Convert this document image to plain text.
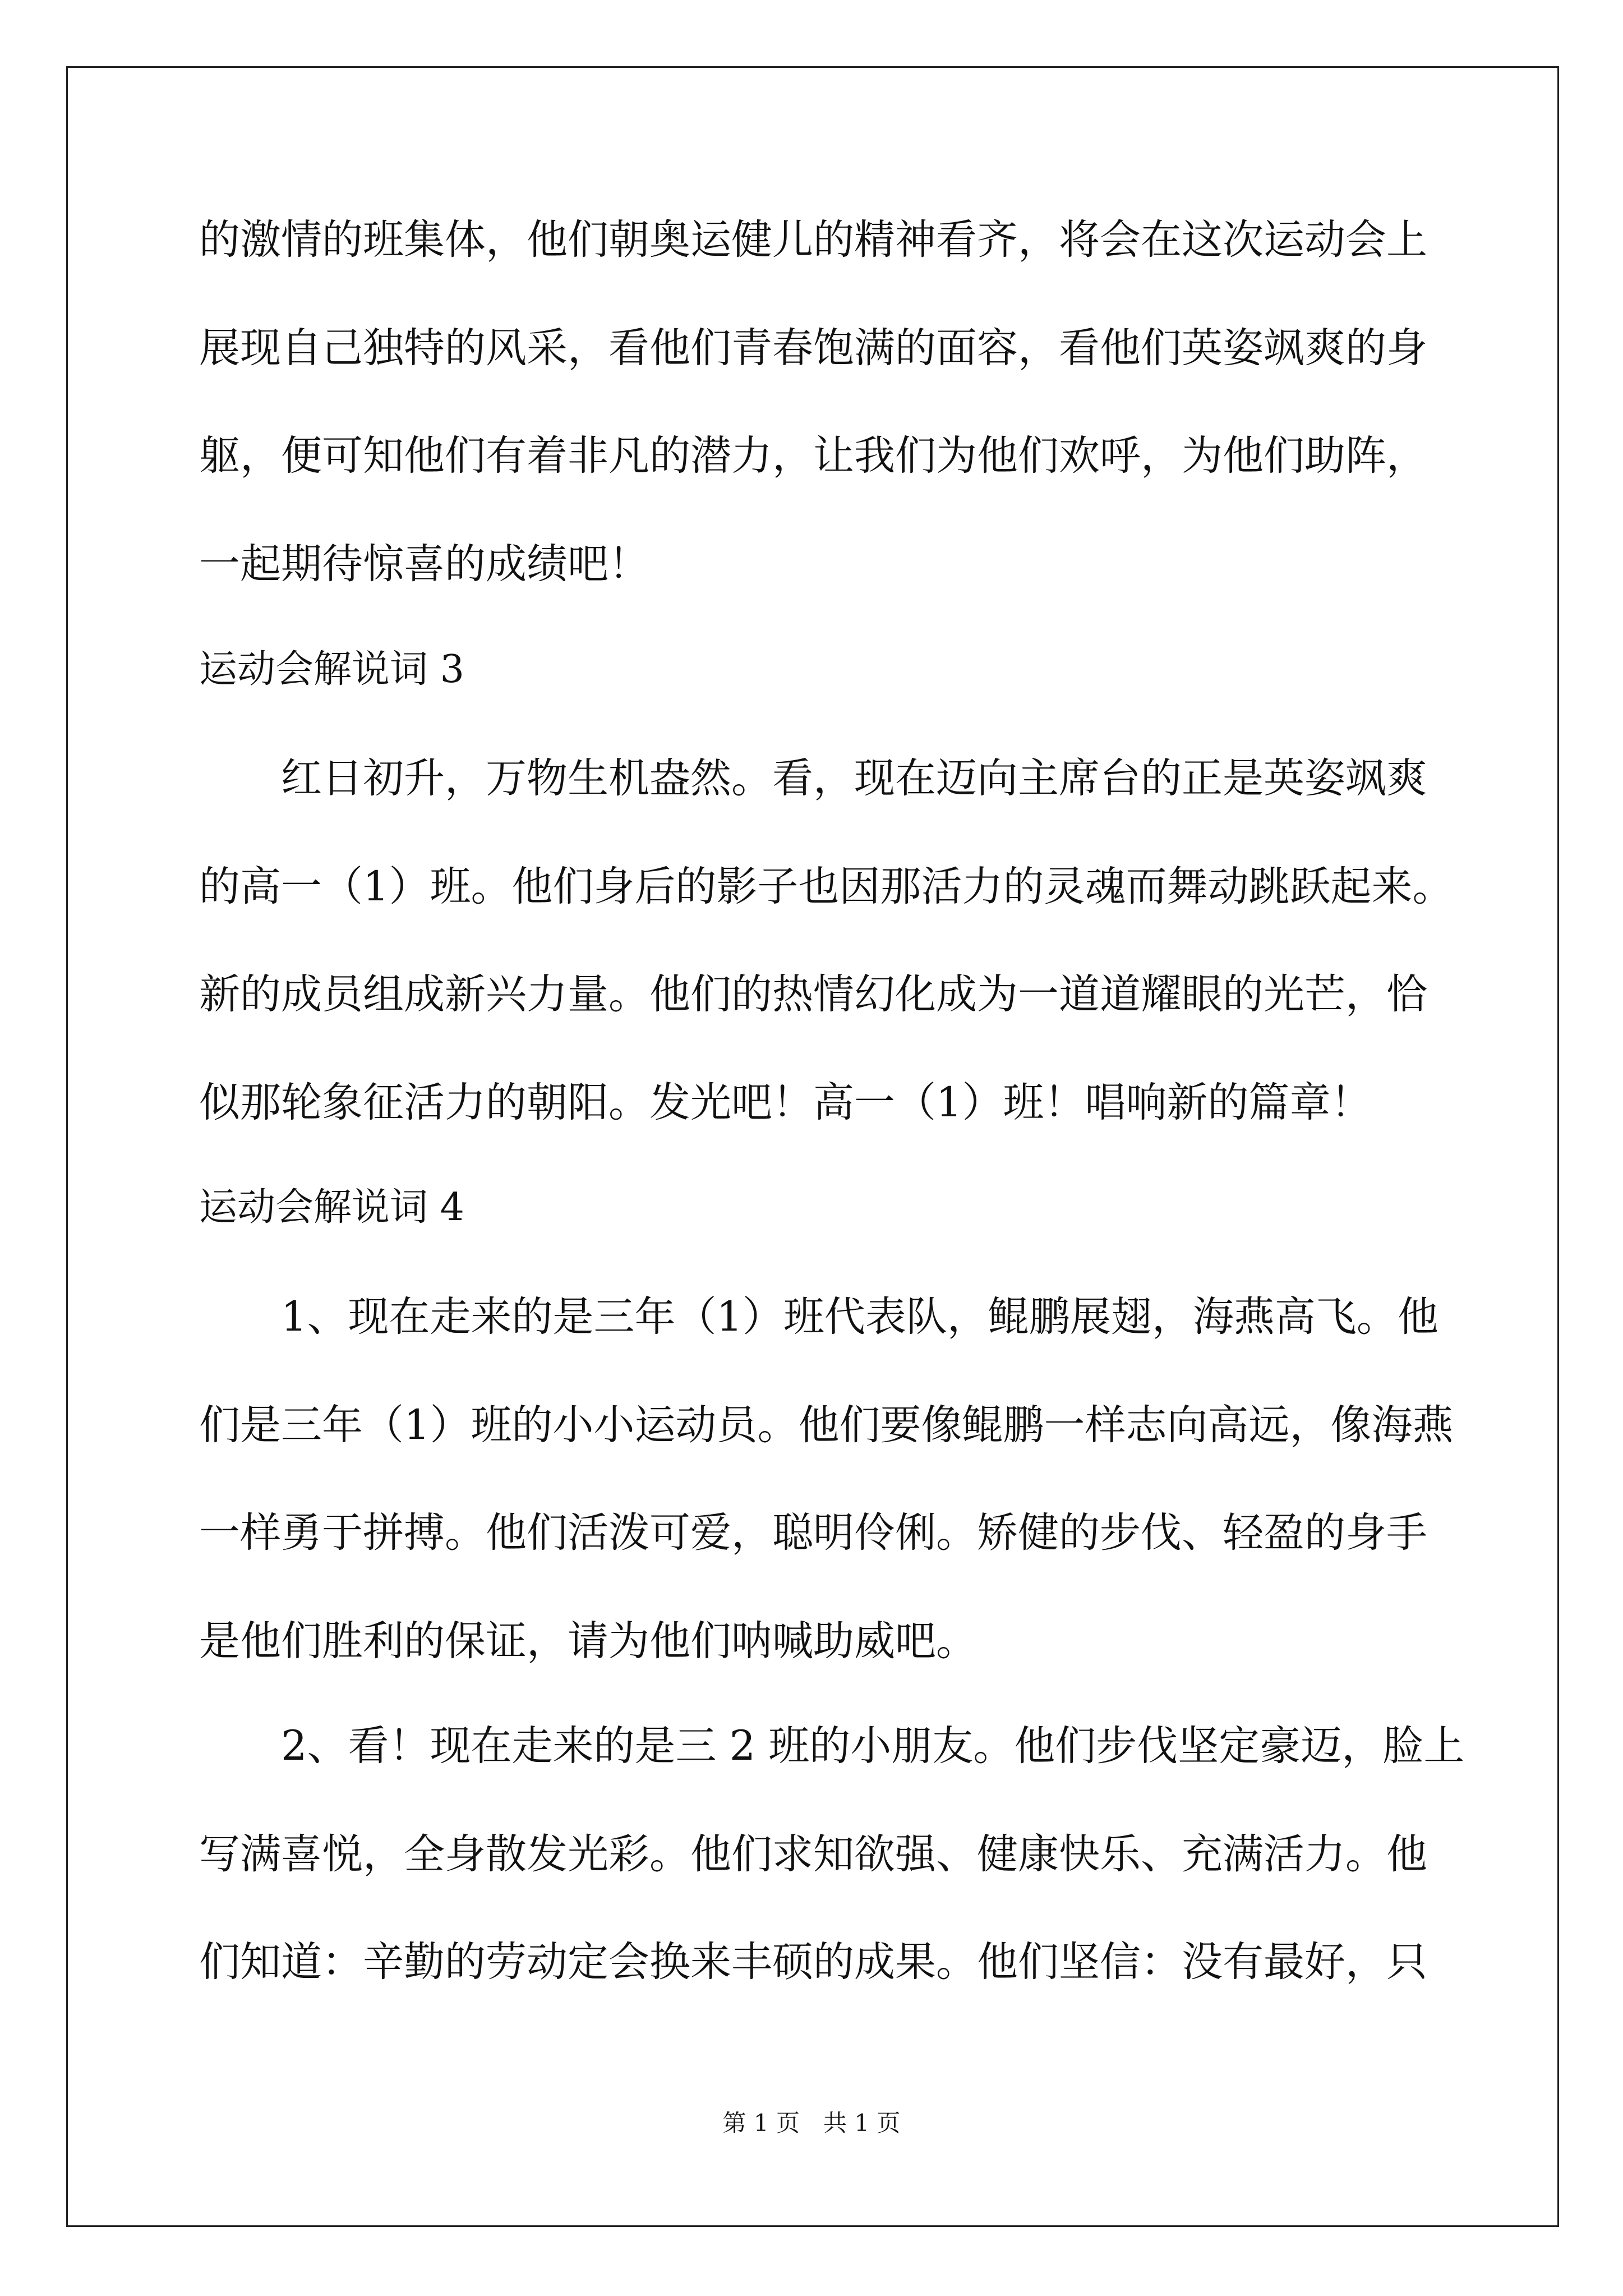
的激情的班集体，他们朝奥运健儿的精神看齐，将会在这次运动会上
展现自己独特的风采，看他们青春饱满的面容，看他们英姿飒爽的身
躯，便可知他们有着非凡的潜力，让我们为他们欢呼，为他们助阵，
一起期待惊喜的成绩吧！
运动会解说词 3
红日初升，万物生机盎然。看，现在迈向主席台的正是英姿飒爽
的高一（1）班。他们身后的影子也因那活力的灵魂而舞动跳跃起来。
新的成员组成新兴力量。他们的热情幻化成为一道道耀眼的光芒，恰
似那轮象征活力的朝阳。发光吧！高一（1）班！唱响新的篇章！
运动会解说词 4
1、现在走来的是三年（1）班代表队，鲲鹏展翅，海燕高飞。他
们是三年（1）班的小小运动员。他们要像鲲鹏一样志向高远，像海燕
一样勇于拼搏。他们活泼可爱，聪明伶俐。矫健的步伐、轻盈的身手
是他们胜利的保证，请为他们呐喊助威吧。
2、看！现在走来的是三 2 班的小朋友。他们步伐坚定豪迈，脸上
写满喜悦，全身散发光彩。他们求知欲强、健康快乐、充满活力。他
们知道：辛勤的劳动定会换来丰硕的成果。他们坚信：没有最好，只
第 1 页　共 1 页
